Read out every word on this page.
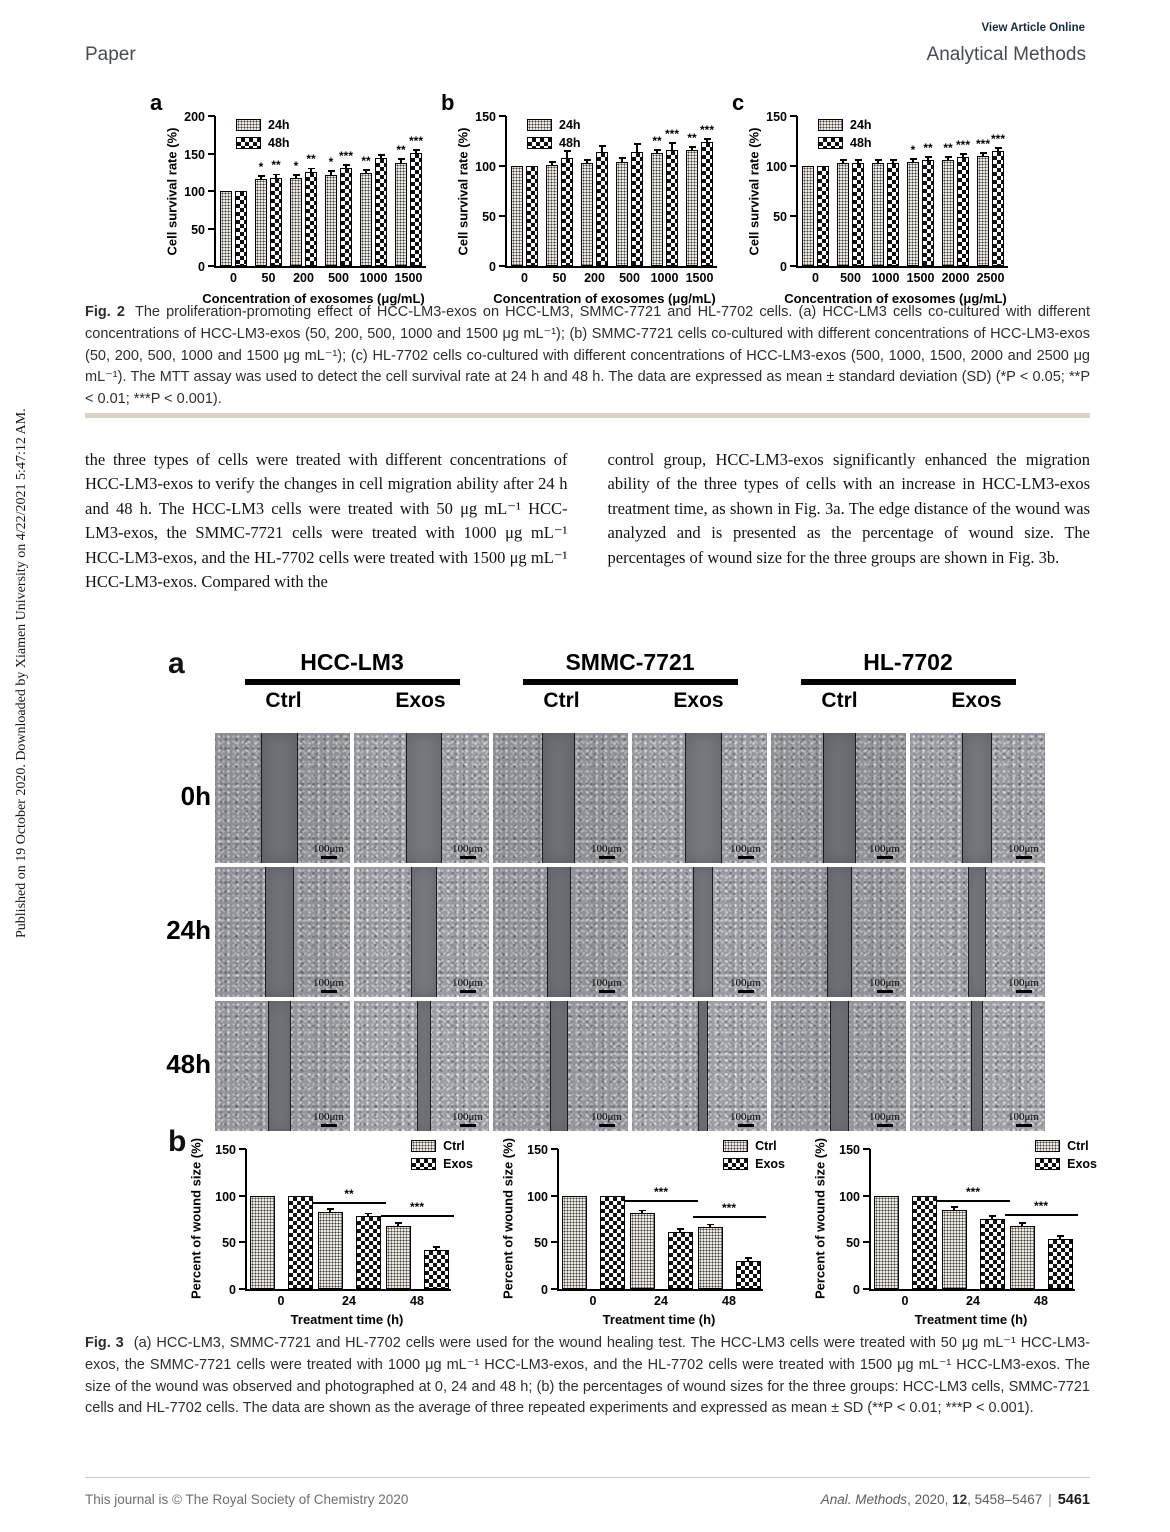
View Article Online
Paper	Analytical Methods
Published on 19 October 2020. Downloaded by Xiamen University on 4/22/2021 5:47:12 AM.
a
0
50
100
150
200
0	50
* **
200
* **
500
* ***
1000
**
1500
**
***
24h
48h
Cell survival rate (%)
Concentration of exosomes (μg/mL)
b
0
50
100
150
0	50	200	500 1000
** ***
1500
**
***
24h
48h
Cell survival rate (%)
Concentration of exosomes (μg/mL)
c
0
50
100
150
0	500 1000 1500
* **
2000
** ***
2500
*** ***
24h
48h
Cell survival rate (%)
Concentration of exosomes (μg/mL)
Fig. 2 The proliferation-promoting effect of HCC-LM3-exos on HCC-LM3, SMMC-7721 and HL-7702 cells. (a) HCC-LM3 cells co-cultured with different concentrations of HCC-LM3-exos (50, 200, 500, 1000 and 1500 μg mL⁻¹); (b) SMMC-7721 cells co-cultured with different concentrations of HCC-LM3-exos (50, 200, 500, 1000 and 1500 μg mL⁻¹); (c) HL-7702 cells co-cultured with different concentrations of HCC-LM3-exos (500, 1000, 1500, 2000 and 2500 μg mL⁻¹). The MTT assay was used to detect the cell survival rate at 24 h and 48 h. The data are expressed as mean ± standard deviation (SD) (*P < 0.05; **P < 0.01; ***P < 0.001).
the three types of cells were treated with different concentrations of HCC-LM3-exos to verify the changes in cell migration ability after 24 h and 48 h. The HCC-LM3 cells were treated with 50 μg mL⁻¹ HCC-LM3-exos, the SMMC-7721 cells were treated with 1000 μg mL⁻¹ HCC-LM3-exos, and the HL-7702 cells were treated with 1500 μg mL⁻¹ HCC-LM3-exos. Compared with the
control group, HCC-LM3-exos significantly enhanced the migration ability of the three types of cells with an increase in HCC-LM3-exos treatment time, as shown in Fig. 3a. The edge distance of the wound was analyzed and is presented as the percentage of wound size. The percentages of wound size for the three groups are shown in Fig. 3b.
a
b
0
50
100
150
0	24	48
**
***
Ctrl
Exos
Percent of wound size (%)
Treatment time (h)
0
50
100
150
0	24	48
***
***
Ctrl
Exos
Percent of wound size (%)
Treatment time (h)
0
50
100
150
0	24	48
***
***
Ctrl
Exos
Percent of wound size (%)
Treatment time (h)
HCC-LM3
Ctrl	Exos
SMMC-7721
Ctrl	Exos
HL-7702
Ctrl	Exos
0h
100μm	100μm	100μm	100μm	100μm	100μm
24h
100μm	100μm	100μm	100μm	100μm	100μm
48h
100μm	100μm	100μm	100μm	100μm	100μm
Fig. 3 (a) HCC-LM3, SMMC-7721 and HL-7702 cells were used for the wound healing test. The HCC-LM3 cells were treated with 50 μg mL⁻¹ HCC-LM3-exos, the SMMC-7721 cells were treated with 1000 μg mL⁻¹ HCC-LM3-exos, and the HL-7702 cells were treated with 1500 μg mL⁻¹ HCC-LM3-exos. The size of the wound was observed and photographed at 0, 24 and 48 h; (b) the percentages of wound sizes for the three groups: HCC-LM3 cells, SMMC-7721 cells and HL-7702 cells. The data are shown as the average of three repeated experiments and expressed as mean ± SD (**P < 0.01; ***P < 0.001).
This journal is © The Royal Society of Chemistry 2020	Anal. Methods, 2020, 12, 5458–5467 | 5461
